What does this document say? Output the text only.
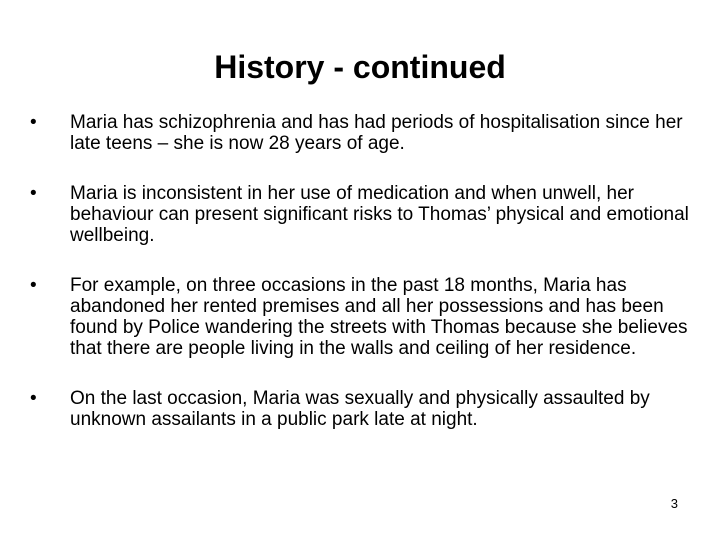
History - continued
• Maria has schizophrenia and has had periods of hospitalisation since her late teens – she is now 28 years of age.
• Maria is inconsistent in her use of medication and when unwell, her behaviour can present significant risks to Thomas’ physical and emotional wellbeing.
• For example, on three occasions in the past 18 months, Maria has abandoned her rented premises and all her possessions and has been found by Police wandering the streets with Thomas because she believes that there are people living in the walls and ceiling of her residence.
• On the last occasion, Maria was sexually and physically assaulted by unknown assailants in a public park late at night.
3
